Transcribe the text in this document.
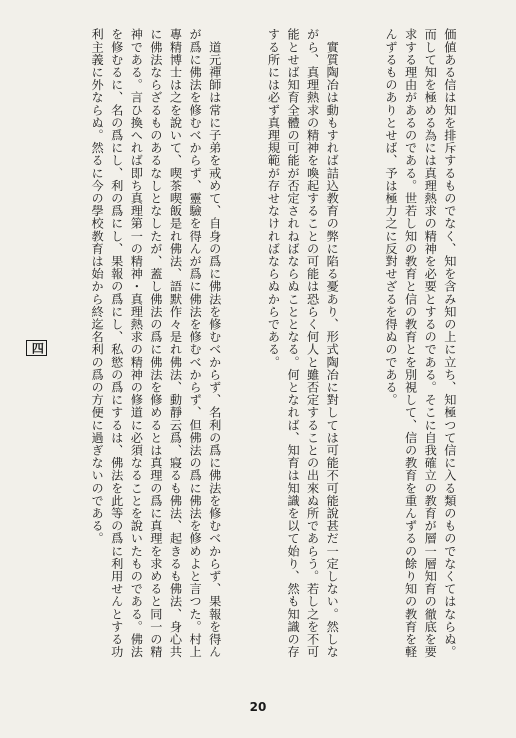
価値ある信は知を排斥するものでなく、知を含み知の上に立ち、知極つて信に入る類のものでなくてはならぬ。而して知を極める為には真理熱求の精神を必要とするのである。そこに自我確立の教育が層一層知育の徹底を要求する理由があるのである。世若し知の教育と信の教育とを別視して、信の教育を重んずるの餘り知の教育を軽んずるものありとせば、予は極力之に反對せざるを得ぬのである。

　實質陶冶は動もすれば詰込教育の弊に陷る憂あり、形式陶冶に對しては可能不可能說甚だ一定しない。然しながら、真理熱求の精神を喚起することの可能は恐らく何人と雖否定することの出來ぬ所であらう。若し之を不可能とせば知育全體の可能が否定されねばならぬこととなる。何となれば、知育は知識を以て始り、然も知識の存する所には必ず真理規範が存せなければならぬからである。

　道元禪師は常に子弟を戒めて、自身の爲に佛法を修むべからず、名利の爲に佛法を修むべからず、果報を得んが爲に佛法を修むべからず、靈驗を得んが爲に佛法を修むべからず、但佛法の爲に佛法を修めよと言つた。村上專精博士は之を說いて、喫茶喫飯是れ佛法、語默作々是れ佛法、動靜云爲、寢るも佛法、起きるも佛法、身心共に佛法ならざるものあるなしとなしたが、蓋し佛法の爲に佛法を修めるとは真理の爲に真理を求めると同一の精神である。言ひ換へれば即ち真理第一の精神・真理熱求の精神の修道に必須なることを說いたものである。佛法を修むるに、名の爲にし、利の爲にし、果報の爲にし、私慾の爲にするは、佛法を此等の爲に利用せんとする功利主義に外ならぬ。然るに今の學校教育は始から終迄名利の爲の方便に過ぎないのである。

四

20
